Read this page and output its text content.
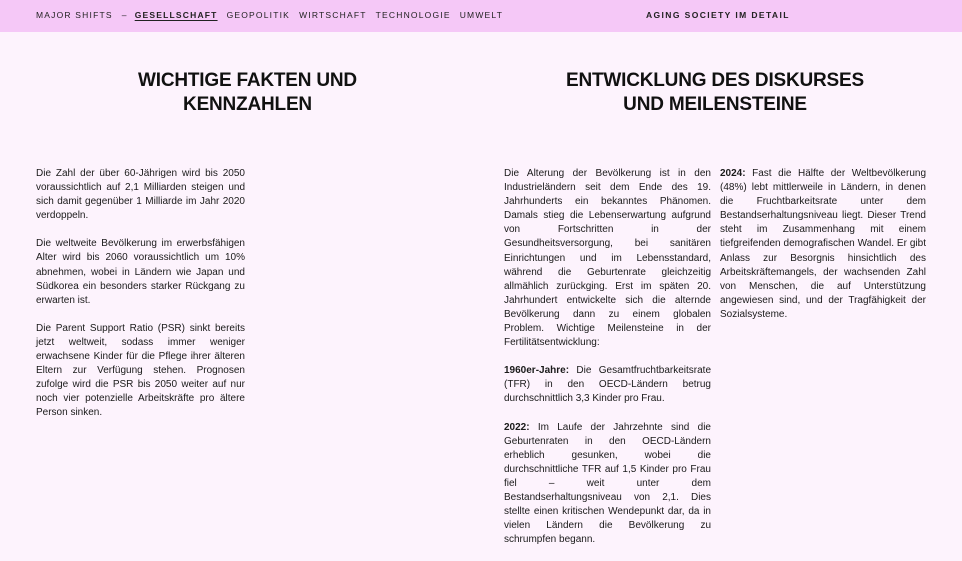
MAJOR SHIFTS – GESELLSCHAFT GEOPOLITIK WIRTSCHAFT TECHNOLOGIE UMWELT	AGING SOCIETY IM DETAIL
WICHTIGE FAKTEN UND
KENNZAHLEN
ENTWICKLUNG DES DISKURSES
UND MEILENSTEINE

Die Zahl der über 60-Jährigen wird bis 2050 voraussichtlich auf 2,1 Milliarden steigen und sich damit gegenüber 1 Milliarde im Jahr 2020 verdoppeln.

Die weltweite Bevölkerung im erwerbsfähigen Alter wird bis 2060 voraussichtlich um 10% abnehmen, wobei in Ländern wie Japan und Südkorea ein besonders starker Rückgang zu erwarten ist.

Die Parent Support Ratio (PSR) sinkt bereits jetzt weltweit, sodass immer weniger erwachsene Kinder für die Pflege ihrer älteren Eltern zur Verfügung stehen. Prognosen zufolge wird die PSR bis 2050 weiter auf nur noch vier potenzielle Arbeitskräfte pro ältere Person sinken.

Die Alterung der Bevölkerung ist in den Industrieländern seit dem Ende des 19. Jahrhunderts ein bekanntes Phänomen. Damals stieg die Lebenserwartung aufgrund von Fortschritten in der Gesundheitsversorgung, bei sanitären Einrichtungen und im Lebensstandard, während die Geburtenrate gleichzeitig allmählich zurückging. Erst im späten 20. Jahrhundert entwickelte sich die alternde Bevölkerung dann zu einem globalen Problem. Wichtige Meilensteine in der Fertilitätsentwicklung:

1960er-Jahre: Die Gesamtfruchtbarkeitsrate (TFR) in den OECD-Ländern betrug durchschnittlich 3,3 Kinder pro Frau.

2022: Im Laufe der Jahrzehnte sind die Geburtenraten in den OECD-Ländern erheblich gesunken, wobei die durchschnittliche TFR auf 1,5 Kinder pro Frau fiel – weit unter dem Bestandserhaltungsniveau von 2,1. Dies stellte einen kritischen Wendepunkt dar, da in vielen Ländern die Bevölkerung zu schrumpfen begann.

2024: Fast die Hälfte der Weltbevölkerung (48%) lebt mittlerweile in Ländern, in denen die Fruchtbarkeitsrate unter dem Bestandserhaltungsniveau liegt. Dieser Trend steht im Zusammenhang mit einem tiefgreifenden demografischen Wandel. Er gibt Anlass zur Besorgnis hinsichtlich des Arbeitskräftemangels, der wachsenden Zahl von Menschen, die auf Unterstützung angewiesen sind, und der Tragfähigkeit der Sozialsysteme.
